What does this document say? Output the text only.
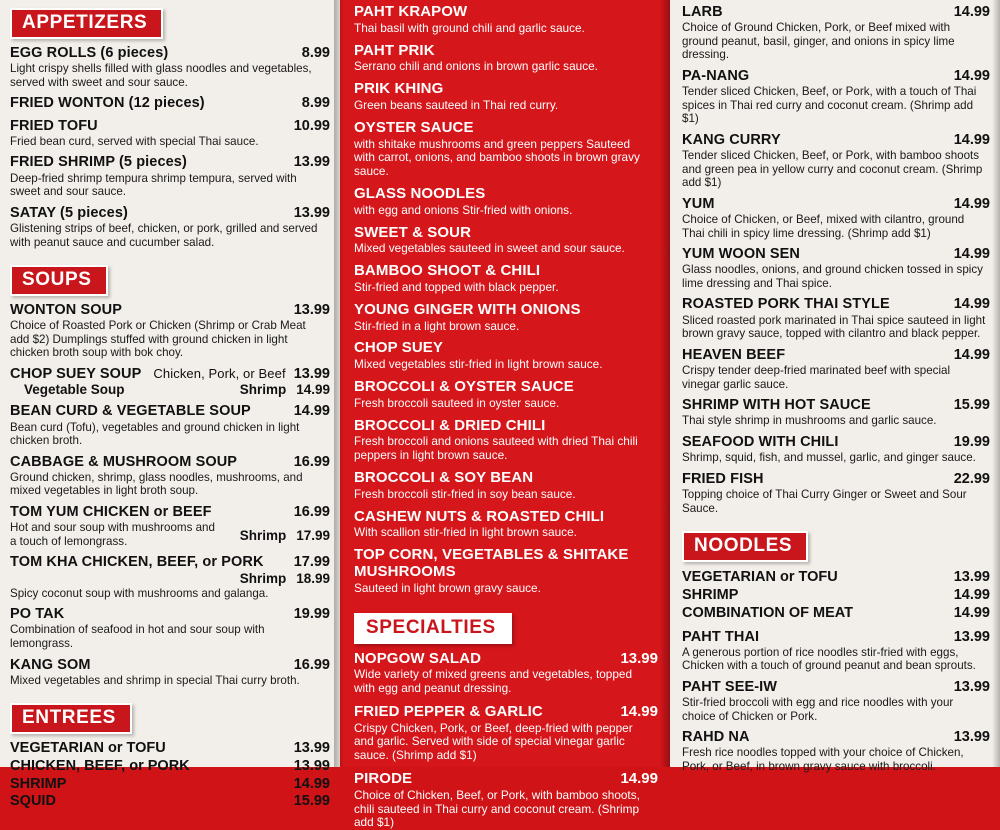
APPETIZERS
EGG ROLLS (6 pieces)	8.99
Light crispy shells filled with glass noodles and vegetables, served with sweet and sour sauce.
FRIED WONTON (12 pieces)	8.99
FRIED TOFU	10.99
Fried bean curd, served with special Thai sauce.
FRIED SHRIMP (5 pieces)	13.99
Deep-fried shrimp tempura shrimp tempura, served with sweet and sour sauce.
SATAY (5 pieces)	13.99
Glistening strips of beef, chicken, or pork, grilled and served with peanut sauce and cucumber salad.
SOUPS
WONTON SOUP	13.99
Choice of Roasted Pork or Chicken (Shrimp or Crab Meat add $2) Dumplings stuffed with ground chicken in light chicken broth soup with bok choy.
CHOP SUEY SOUP Chicken, Pork, or Beef 13.99
Vegetable Soup	Shrimp 14.99
BEAN CURD & VEGETABLE SOUP	14.99
Bean curd (Tofu), vegetables and ground chicken in light chicken broth.
CABBAGE & MUSHROOM SOUP	16.99
Ground chicken, shrimp, glass noodles, mushrooms, and mixed vegetables in light broth soup.
TOM YUM CHICKEN or BEEF	16.99
Hot and sour soup with mushrooms and a touch of lemongrass.	Shrimp 17.99
TOM KHA CHICKEN, BEEF, or PORK 17.99
Shrimp 18.99
Spicy coconut soup with mushrooms and galanga.
PO TAK	19.99
Combination of seafood in hot and sour soup with lemongrass.
KANG SOM	16.99
Mixed vegetables and shrimp in special Thai curry broth.
ENTREES
VEGETARIAN or TOFU	13.99
CHICKEN, BEEF, or PORK	13.99
SHRIMP	14.99
SQUID	15.99
PAHT KRAPOW
Thai basil with ground chili and garlic sauce.
PAHT PRIK
Serrano chili and onions in brown garlic sauce.
PRIK KHING
Green beans sauteed in Thai red curry.
OYSTER SAUCE
with shitake mushrooms and green peppers Sauteed with carrot, onions, and bamboo shoots in brown gravy sauce.
GLASS NOODLES
with egg and onions Stir-fried with onions.
SWEET & SOUR
Mixed vegetables sauteed in sweet and sour sauce.
BAMBOO SHOOT & CHILI
Stir-fried and topped with black pepper.
YOUNG GINGER WITH ONIONS
Stir-fried in a light brown sauce.
CHOP SUEY
Mixed vegetables stir-fried in light brown sauce.
BROCCOLI & OYSTER SAUCE
Fresh broccoli sauteed in oyster sauce.
BROCCOLI & DRIED CHILI
Fresh broccoli and onions sauteed with dried Thai chili peppers in light brown sauce.
BROCCOLI & SOY BEAN
Fresh broccoli stir-fried in soy bean sauce.
CASHEW NUTS & ROASTED CHILI
With scallion stir-fried in light brown sauce.
TOP CORN, VEGETABLES & SHITAKE MUSHROOMS
Sauteed in light brown gravy sauce.
SPECIALTIES
NOPGOW SALAD	13.99
Wide variety of mixed greens and vegetables, topped with egg and peanut dressing.
FRIED PEPPER & GARLIC	14.99
Crispy Chicken, Pork, or Beef, deep-fried with pepper and garlic. Served with side of special vinegar garlic sauce. (Shrimp add $1)
PIRODE	14.99
Choice of Chicken, Beef, or Pork, with bamboo shoots, chili sauteed in Thai curry and coconut cream. (Shrimp add $1)
LARB	14.99
Choice of Ground Chicken, Pork, or Beef mixed with ground peanut, basil, ginger, and onions in spicy lime dressing.
PA-NANG	14.99
Tender sliced Chicken, Beef, or Pork, with a touch of Thai spices in Thai red curry and coconut cream. (Shrimp add $1)
KANG CURRY	14.99
Tender sliced Chicken, Beef, or Pork, with bamboo shoots and green pea in yellow curry and coconut cream. (Shrimp add $1)
YUM	14.99
Choice of Chicken, or Beef, mixed with cilantro, ground Thai chili in spicy lime dressing. (Shrimp add $1)
YUM WOON SEN	14.99
Glass noodles, onions, and ground chicken tossed in spicy lime dressing and Thai spice.
ROASTED PORK THAI STYLE	14.99
Sliced roasted pork marinated in Thai spice sauteed in light brown gravy sauce, topped with cilantro and black pepper.
HEAVEN BEEF	14.99
Crispy tender deep-fried marinated beef with special vinegar garlic sauce.
SHRIMP WITH HOT SAUCE	15.99
Thai style shrimp in mushrooms and garlic sauce.
SEAFOOD WITH CHILI	19.99
Shrimp, squid, fish, and mussel, garlic, and ginger sauce.
FRIED FISH	22.99
Topping choice of Thai Curry Ginger or Sweet and Sour Sauce.
NOODLES
VEGETARIAN or TOFU	13.99
SHRIMP	14.99
COMBINATION OF MEAT	14.99
PAHT THAI	13.99
A generous portion of rice noodles stir-fried with eggs, Chicken with a touch of ground peanut and bean sprouts.
PAHT SEE-IW	13.99
Stir-fried broccoli with egg and rice noodles with your choice of Chicken or Pork.
RAHD NA	13.99
Fresh rice noodles topped with your choice of Chicken, Pork, or Beef, in brown gravy sauce with broccoli.
